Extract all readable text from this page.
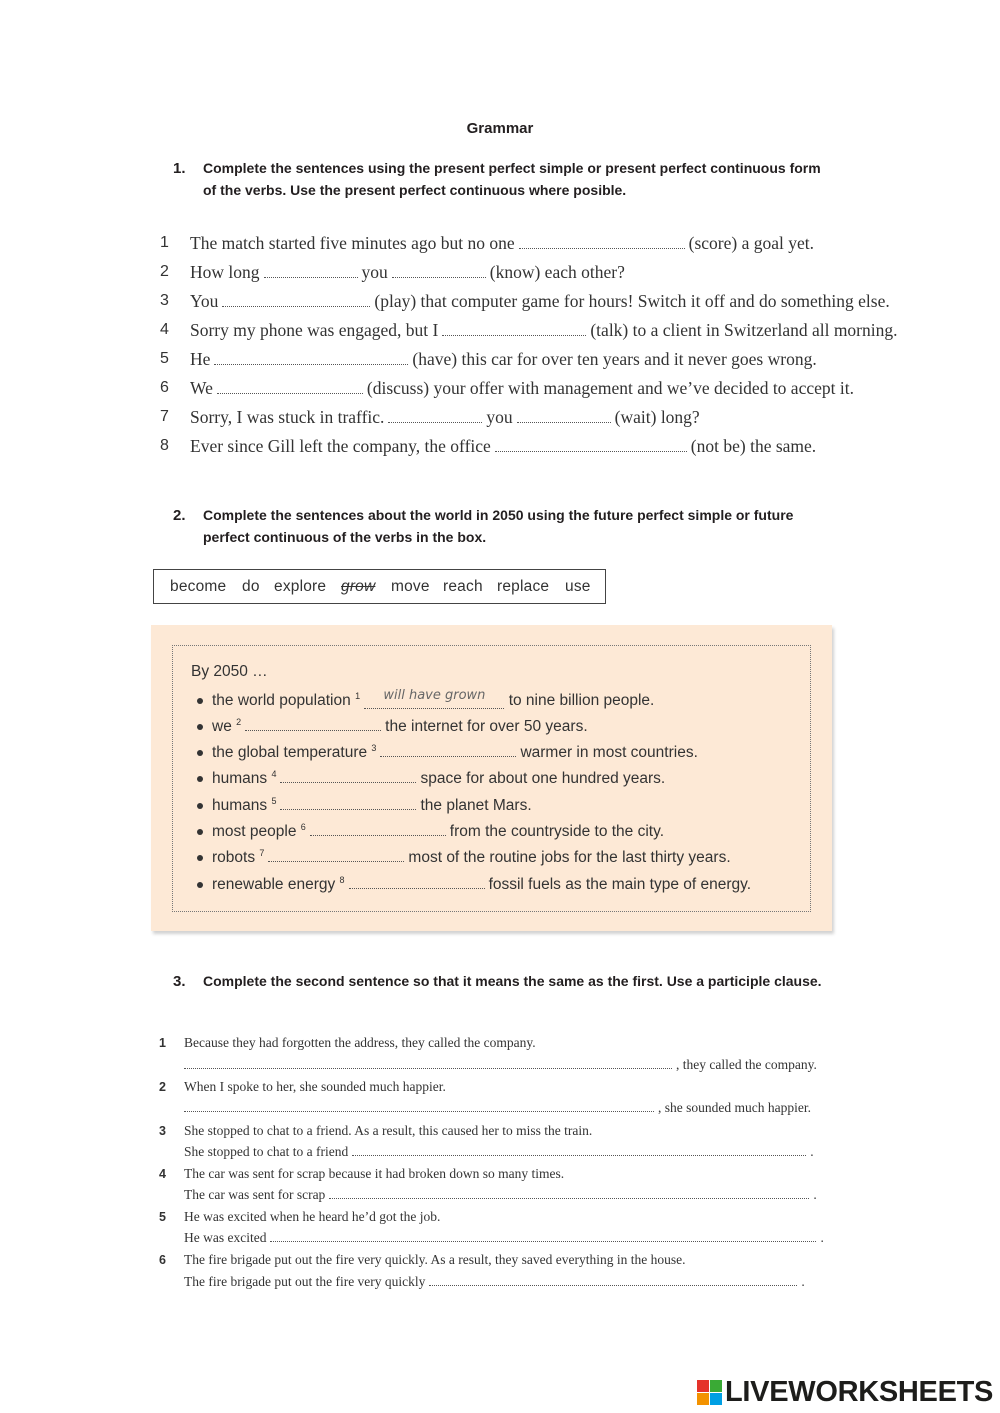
Grammar
1. Complete the sentences using the present perfect simple or present perfect continuous form
of the verbs. Use the present perfect continuous where posible.
1 The match started five minutes ago but no one	(score) a goal yet.
2 How long	you	(know) each other?
3 You	(play) that computer game for hours! Switch it off and do something else.
4 Sorry my phone was engaged, but I	(talk) to a client in Switzerland all morning.
5 He	(have) this car for over ten years and it never goes wrong.
6 We	(discuss) your offer with management and we’ve decided to accept it.
7 Sorry, I was stuck in traffic.	you	(wait) long?
8 Ever since Gill left the company, the office	(not be) the same.
2. Complete the sentences about the world in 2050 using the future perfect simple or future
perfect continuous of the verbs in the box.
become do explore grow move reach replace use
By 2050 …
the world population $^1$ $^{will have grown}$ to nine billion people.
we $^2$	the internet for over 50 years.
the global temperature $^3$	warmer in most countries.
humans $^4$	space for about one hundred years.
humans $^5$	the planet Mars.
most people $^6$	from the countryside to the city.
robots $^7$	most of the routine jobs for the last thirty years.
renewable energy $^8$	fossil fuels as the main type of energy.
3. Complete the second sentence so that it means the same as the first. Use a participle clause.
1 Because they had forgotten the address, they called the company.
, they called the company.
2 When I spoke to her, she sounded much happier.
, she sounded much happier.
3 She stopped to chat to a friend. As a result, this caused her to miss the train.
She stopped to chat to a friend	.
4 The car was sent for scrap because it had broken down so many times.
The car was sent for scrap	.
5 He was excited when he heard he’d got the job.
He was excited	.
6 The fire brigade put out the fire very quickly. As a result, they saved everything in the house.
The fire brigade put out the fire very quickly	.
LIVEWORKSHEETS
